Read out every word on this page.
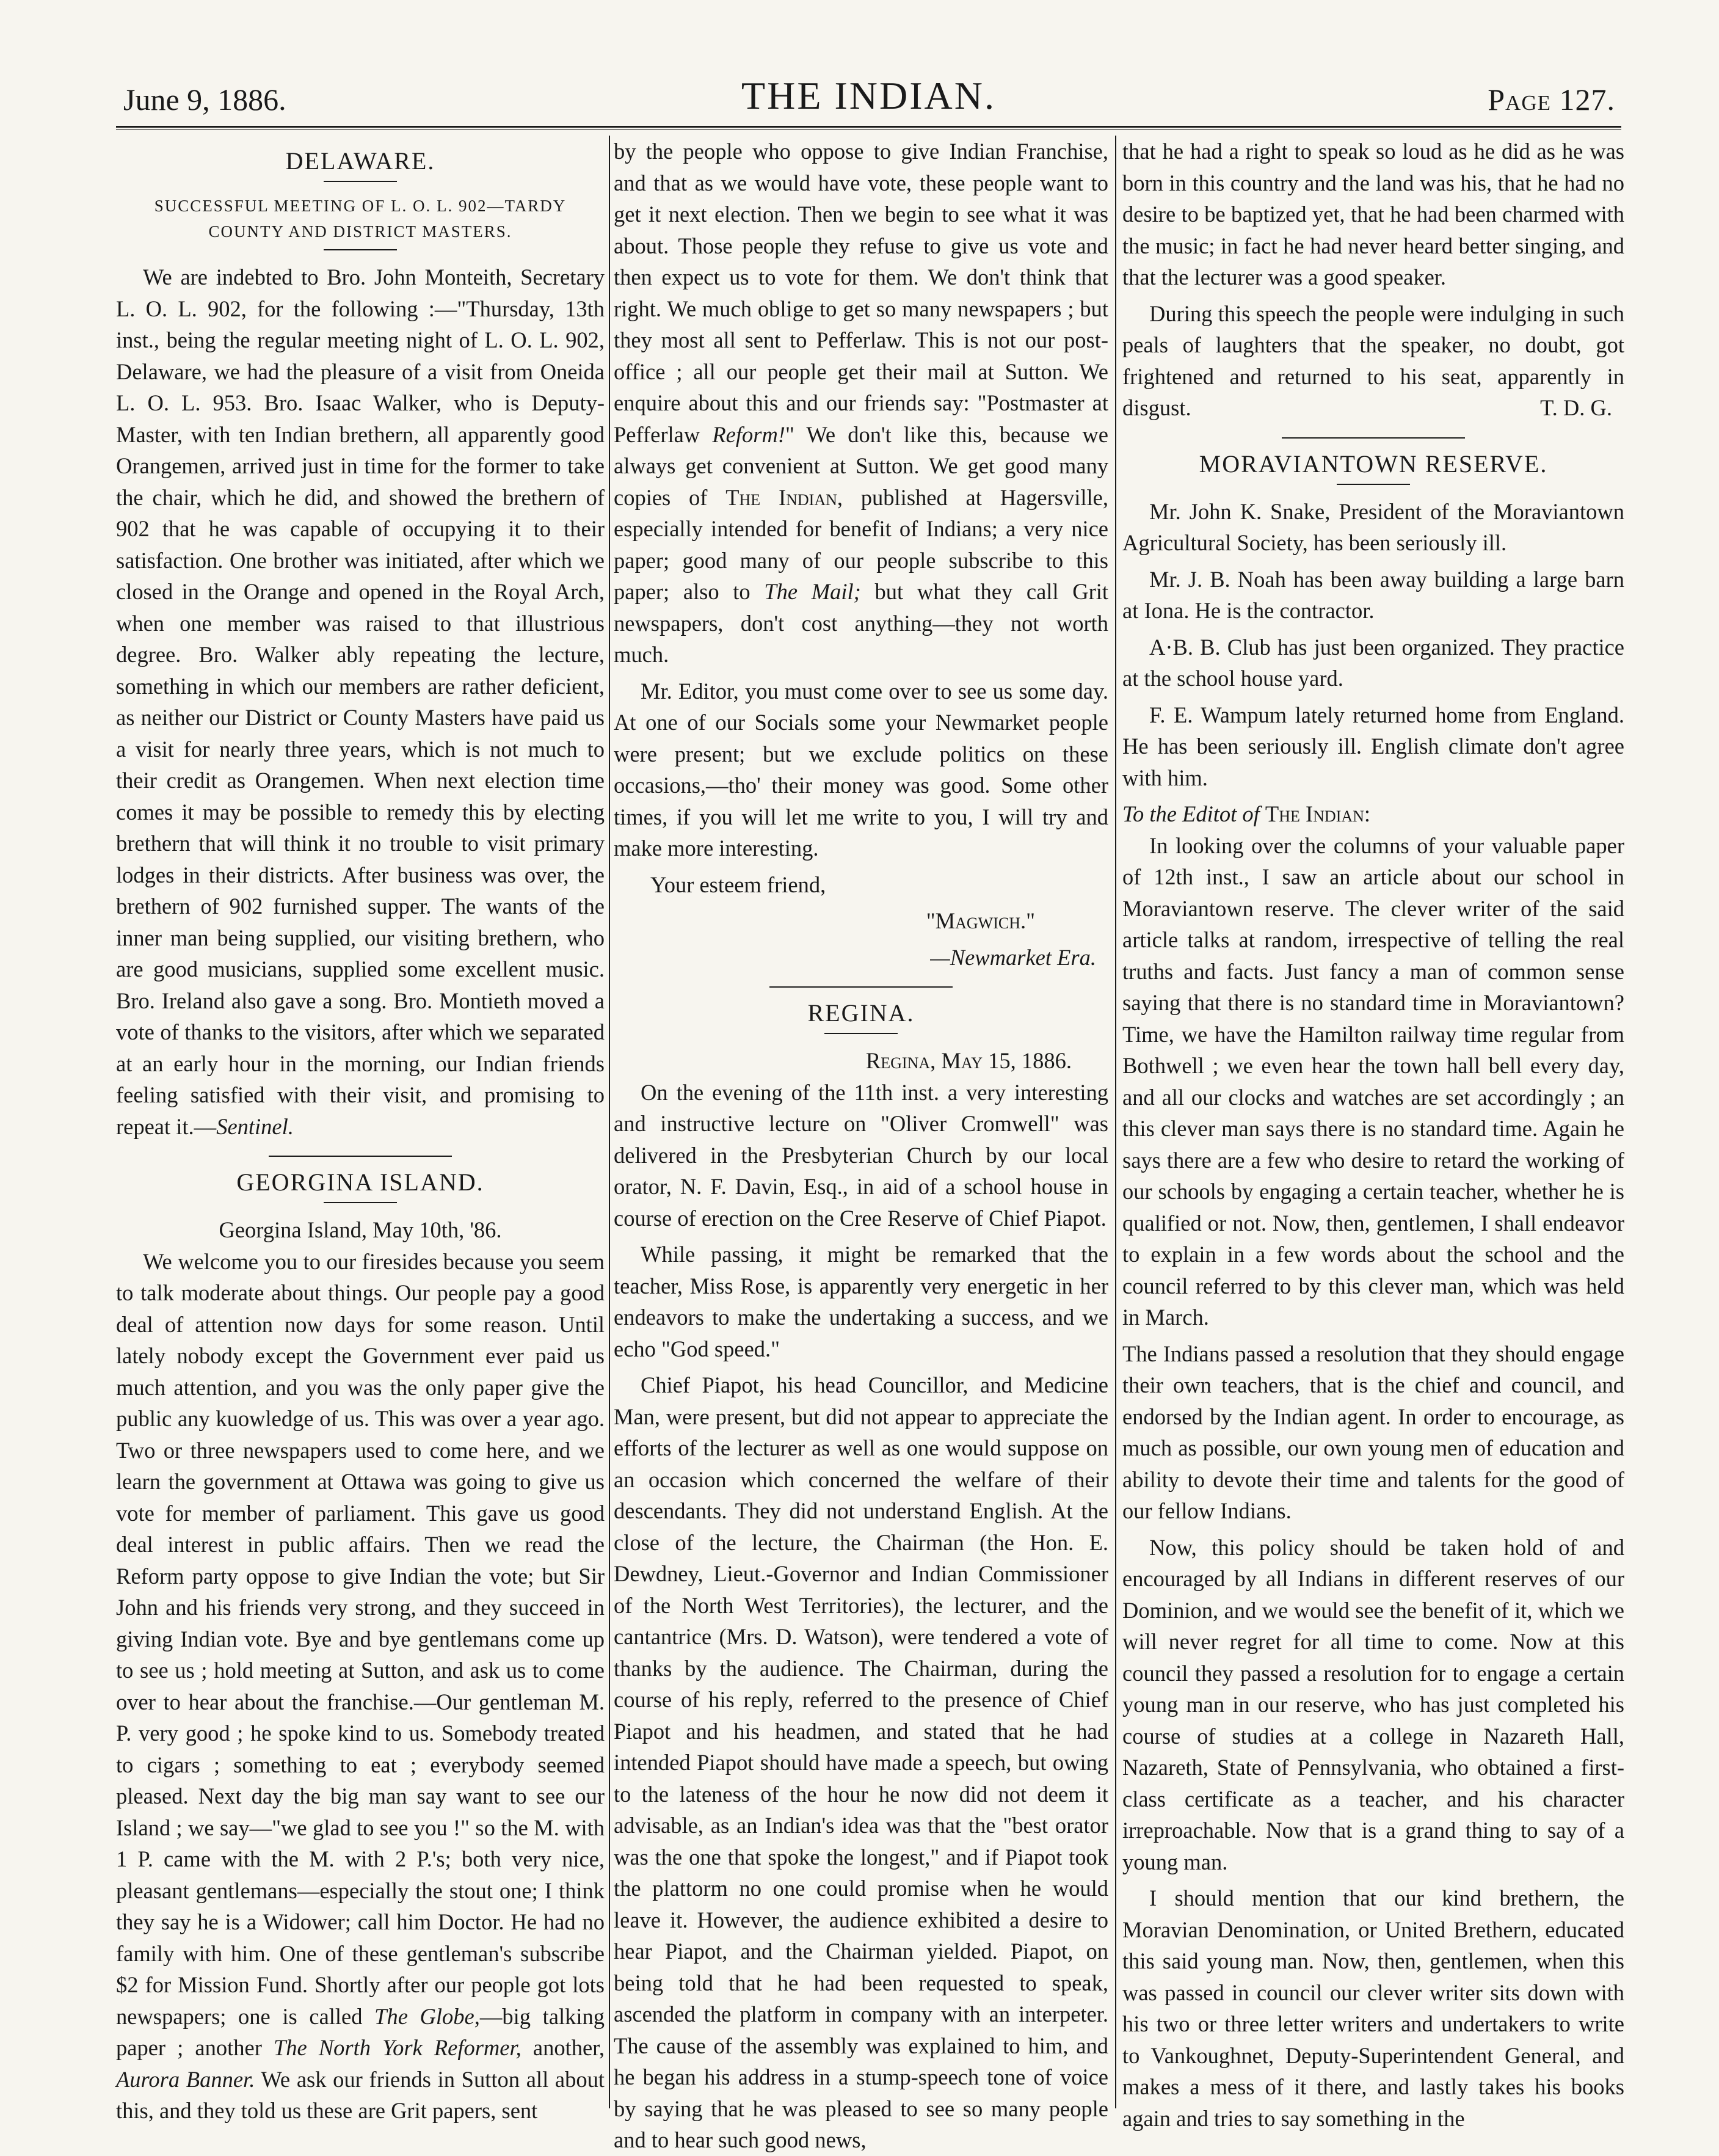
June 9, 1886.	THE INDIAN.	Page 127.
DELAWARE.
SUCCESSFUL MEETING OF L. O. L. 902—TARDY COUNTY AND DISTRICT MASTERS.

We are indebted to Bro. John Monteith, Secretary L. O. L. 902, for the following :—"Thursday, 13th inst., being the regular meeting night of L. O. L. 902, Delaware, we had the pleasure of a visit from Oneida L. O. L. 953. Bro. Isaac Walker, who is Deputy-Master, with ten Indian brethern, all apparently good Orangemen, arrived just in time for the former to take the chair, which he did, and showed the brethern of 902 that he was capable of occupying it to their satisfaction. One brother was initiated, after which we closed in the Orange and opened in the Royal Arch, when one member was raised to that illustrious degree. Bro. Walker ably repeating the lecture, something in which our members are rather deficient, as neither our District or County Masters have paid us a visit for nearly three years, which is not much to their credit as Orangemen. When next election time comes it may be possible to remedy this by electing brethern that will think it no trouble to visit primary lodges in their districts. After business was over, the brethern of 902 furnished supper. The wants of the inner man being supplied, our visiting brethern, who are good musicians, supplied some excellent music. Bro. Ireland also gave a song. Bro. Montieth moved a vote of thanks to the visitors, after which we separated at an early hour in the morning, our Indian friends feeling satisfied with their visit, and promising to repeat it.—Sentinel.

GEORGINA ISLAND.

Georgina Island, May 10th, '86.

We welcome you to our firesides because you seem to talk moderate about things. Our people pay a good deal of attention now days for some reason. Until lately nobody except the Government ever paid us much attention, and you was the only paper give the public any kuowledge of us. This was over a year ago. Two or three newspapers used to come here, and we learn the government at Ottawa was going to give us vote for member of parliament. This gave us good deal interest in public affairs. Then we read the Reform party oppose to give Indian the vote; but Sir John and his friends very strong, and they succeed in giving Indian vote. Bye and bye gentlemans come up to see us ; hold meeting at Sutton, and ask us to come over to hear about the franchise.—Our gentleman M. P. very good ; he spoke kind to us. Somebody treated to cigars ; something to eat ; everybody seemed pleased. Next day the big man say want to see our Island ; we say—"we glad to see you !" so the M. with 1 P. came with the M. with 2 P.'s; both very nice, pleasant gentlemans—especially the stout one; I think they say he is a Widower; call him Doctor. He had no family with him. One of these gentleman's subscribe $2 for Mission Fund. Shortly after our people got lots newspapers; one is called The Globe,—big talking paper ; another The North York Reformer, another, Aurora Banner. We ask our friends in Sutton all about this, and they told us these are Grit papers, sent

by the people who oppose to give Indian Franchise, and that as we would have vote, these people want to get it next election. Then we begin to see what it was about. Those people they refuse to give us vote and then expect us to vote for them. We don't think that right. We much oblige to get so many newspapers ; but they most all sent to Pefferlaw. This is not our post-office ; all our people get their mail at Sutton. We enquire about this and our friends say: "Postmaster at Pefferlaw Reform!" We don't like this, because we always get convenient at Sutton. We get good many copies of The Indian, published at Hagersville, especially intended for benefit of Indians; a very nice paper; good many of our people subscribe to this paper; also to The Mail; but what they call Grit newspapers, don't cost anything—they not worth much.

Mr. Editor, you must come over to see us some day. At one of our Socials some your Newmarket people were present; but we exclude politics on these occasions,—tho' their money was good. Some other times, if you will let me write to you, I will try and make more interesting.

Your esteem friend,

"Magwich."

—Newmarket Era.

REGINA.

Regina, May 15, 1886.

On the evening of the 11th inst. a very interesting and instructive lecture on "Oliver Cromwell" was delivered in the Presbyterian Church by our local orator, N. F. Davin, Esq., in aid of a school house in course of erection on the Cree Reserve of Chief Piapot.

While passing, it might be remarked that the teacher, Miss Rose, is apparently very energetic in her endeavors to make the undertaking a success, and we echo "God speed."

Chief Piapot, his head Councillor, and Medicine Man, were present, but did not appear to appreciate the efforts of the lecturer as well as one would suppose on an occasion which concerned the welfare of their descendants. They did not understand English. At the close of the lecture, the Chairman (the Hon. E. Dewdney, Lieut.-Governor and Indian Commissioner of the North West Territories), the lecturer, and the cantantrice (Mrs. D. Watson), were tendered a vote of thanks by the audience. The Chairman, during the course of his reply, referred to the presence of Chief Piapot and his headmen, and stated that he had intended Piapot should have made a speech, but owing to the lateness of the hour he now did not deem it advisable, as an Indian's idea was that the "best orator was the one that spoke the longest," and if Piapot took the plattorm no one could promise when he would leave it. However, the audience exhibited a desire to hear Piapot, and the Chairman yielded. Piapot, on being told that he had been requested to speak, ascended the platform in company with an interpeter. The cause of the assembly was explained to him, and he began his address in a stump-speech tone of voice by saying that he was pleased to see so many people and to hear such good news,

that he had a right to speak so loud as he did as he was born in this country and the land was his, that he had no desire to be baptized yet, that he had been charmed with the music; in fact he had never heard better singing, and that the lecturer was a good speaker.

During this speech the people were indulging in such peals of laughters that the speaker, no doubt, got frightened and returned to his seat, apparently in disgust.	T. D. G.

MORAVIANTOWN RESERVE.

Mr. John K. Snake, President of the Moraviantown Agricultural Society, has been seriously ill.

Mr. J. B. Noah has been away building a large barn at Iona. He is the contractor.

A·B. B. Club has just been organized. They practice at the school house yard.

F. E. Wampum lately returned home from England. He has been seriously ill. English climate don't agree with him.

To the Editot of The Indian:

In looking over the columns of your valuable paper of 12th inst., I saw an article about our school in Moraviantown reserve. The clever writer of the said article talks at random, irrespective of telling the real truths and facts. Just fancy a man of common sense saying that there is no standard time in Moraviantown? Time, we have the Hamilton railway time regular from Bothwell ; we even hear the town hall bell every day, and all our clocks and watches are set accordingly ; an this clever man says there is no standard time. Again he says there are a few who desire to retard the working of our schools by engaging a certain teacher, whether he is qualified or not. Now, then, gentlemen, I shall endeavor to explain in a few words about the school and the council referred to by this clever man, which was held in March.

The Indians passed a resolution that they should engage their own teachers, that is the chief and council, and endorsed by the Indian agent. In order to encourage, as much as possible, our own young men of education and ability to devote their time and talents for the good of our fellow Indians.

Now, this policy should be taken hold of and encouraged by all Indians in different reserves of our Dominion, and we would see the benefit of it, which we will never regret for all time to come. Now at this council they passed a resolution for to engage a certain young man in our reserve, who has just completed his course of studies at a college in Nazareth Hall, Nazareth, State of Pennsylvania, who obtained a first-class certificate as a teacher, and his character irreproachable. Now that is a grand thing to say of a young man.

I should mention that our kind brethern, the Moravian Denomination, or United Brethern, educated this said young man. Now, then, gentlemen, when this was passed in council our clever writer sits down with his two or three letter writers and undertakers to write to Vankoughnet, Deputy-Superintendent General, and makes a mess of it there, and lastly takes his books again and tries to say something in the
